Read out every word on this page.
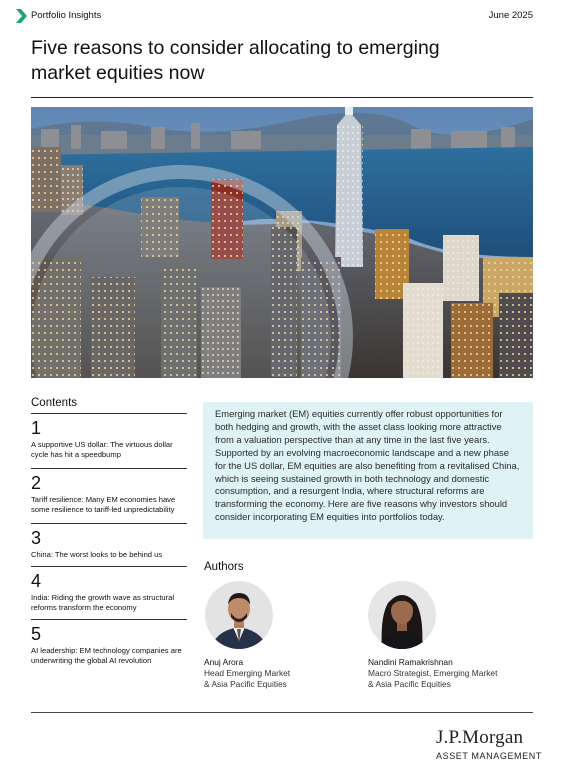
Portfolio Insights	June 2025
Five reasons to consider allocating to emerging market equities now
Contents
1
A supportive US dollar: The virtuous dollar cycle has hit a speedbump
2
Tariff resilience: Many EM economies have some resilience to tariff-led unpredictability
3
China: The worst looks to be behind us
4
India: Riding the growth wave as structural reforms transform the economy
5
AI leadership: EM technology companies are underwriting the global AI revolution

Emerging market (EM) equities currently offer robust opportunities for both hedging and growth, with the asset class looking more attractive from a valuation perspective than at any time in the last five years. Supported by an evolving macroeconomic landscape and a new phase for the US dollar, EM equities are also benefiting from a revitalised China, which is seeing sustained growth in both technology and domestic consumption, and a resurgent India, where structural reforms are transforming the economy. Here are five reasons why investors should consider incorporating EM equities into portfolios today.

Authors
Anuj Arora
Head Emerging Market
& Asia Pacific Equities
Nandini Ramakrishnan
Macro Strategist, Emerging Market
& Asia Pacific Equities
J.P.Morgan
ASSET MANAGEMENT
